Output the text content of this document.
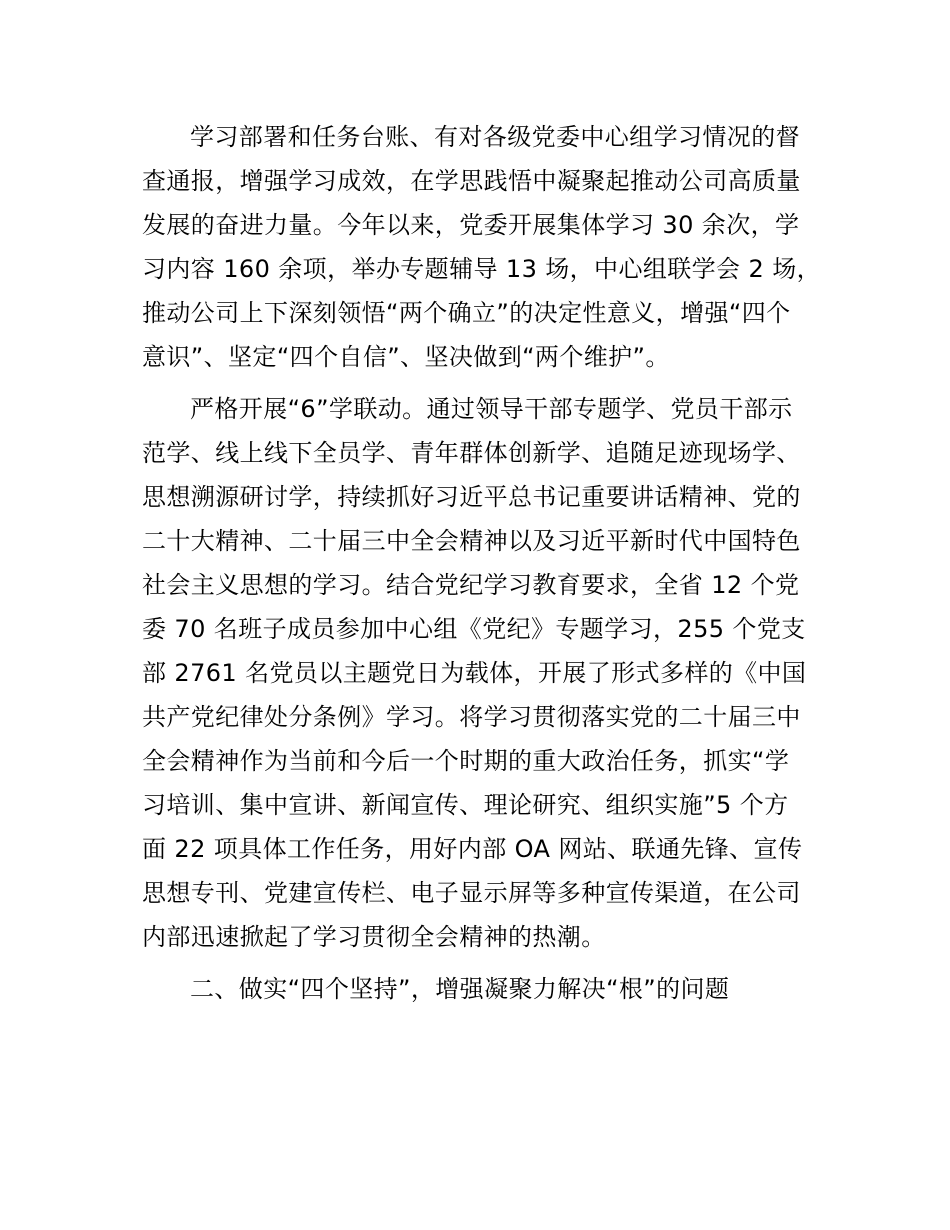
学习部署和任务台账、有对各级党委中心组学习情况的督
查通报，增强学习成效，在学思践悟中凝聚起推动公司高质量
发展的奋进力量。今年以来，党委开展集体学习 30 余次，学
习内容 160 余项，举办专题辅导 13 场，中心组联学会 2 场，
推动公司上下深刻领悟“两个确立”的决定性意义，增强“四个
意识”、坚定“四个自信”、坚决做到“两个维护”。
严格开展“6”学联动。通过领导干部专题学、党员干部示
范学、线上线下全员学、青年群体创新学、追随足迹现场学、
思想溯源研讨学，持续抓好习近平总书记重要讲话精神、党的
二十大精神、二十届三中全会精神以及习近平新时代中国特色
社会主义思想的学习。结合党纪学习教育要求，全省 12 个党
委 70 名班子成员参加中心组《党纪》专题学习，255 个党支
部 2761 名党员以主题党日为载体，开展了形式多样的《中国
共产党纪律处分条例》学习。将学习贯彻落实党的二十届三中
全会精神作为当前和今后一个时期的重大政治任务，抓实“学
习培训、集中宣讲、新闻宣传、理论研究、组织实施”5 个方
面 22 项具体工作任务，用好内部 OA 网站、联通先锋、宣传
思想专刊、党建宣传栏、电子显示屏等多种宣传渠道，在公司
内部迅速掀起了学习贯彻全会精神的热潮。
二、做实“四个坚持”，增强凝聚力解决“根”的问题
